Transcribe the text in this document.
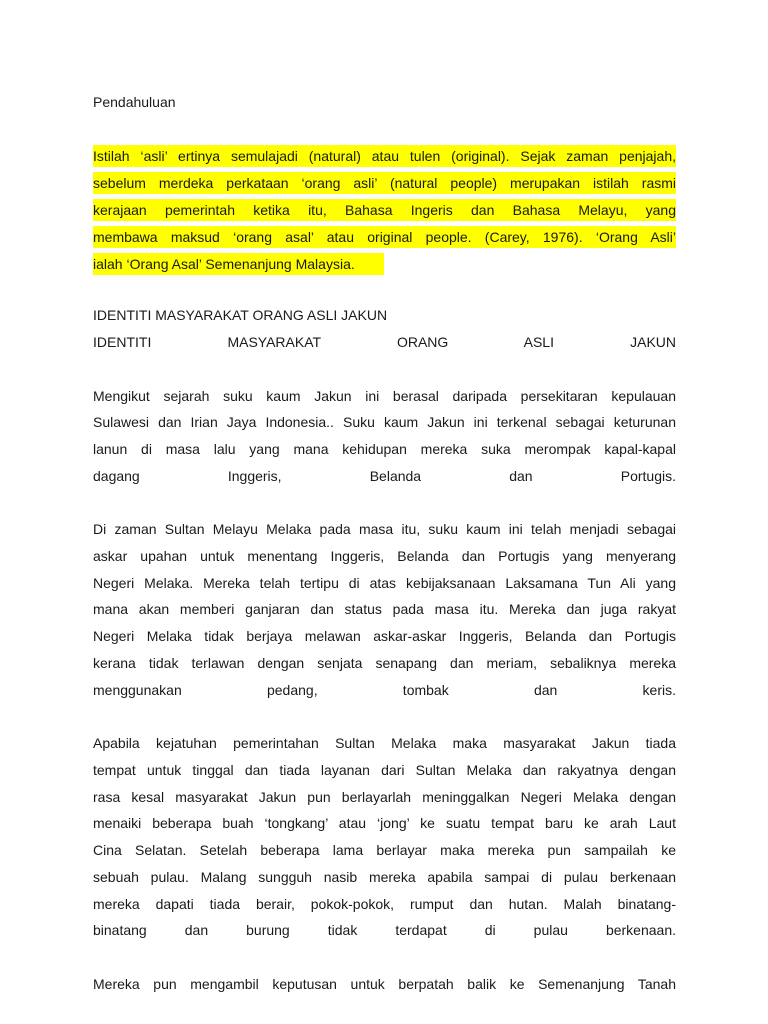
Pendahuluan
Istilah ‘asli’ ertinya semulajadi (natural) atau tulen (original). Sejak zaman penjajah,
sebelum merdeka perkataan ‘orang asli’ (natural people) merupakan istilah rasmi
kerajaan pemerintah ketika itu, Bahasa Ingeris dan Bahasa Melayu, yang
membawa maksud ‘orang asal’ atau original people. (Carey, 1976). ‘Orang Asli’
ialah ‘Orang Asal’ Semenanjung Malaysia.
IDENTITI MASYARAKAT ORANG ASLI JAKUN
IDENTITI MASYARAKAT ORANG ASLI JAKUN
Mengikut sejarah suku kaum Jakun ini berasal daripada persekitaran kepulauan
Sulawesi dan Irian Jaya Indonesia.. Suku kaum Jakun ini terkenal sebagai keturunan
lanun di masa lalu yang mana kehidupan mereka suka merompak kapal-kapal
dagang Inggeris, Belanda dan Portugis.
Di zaman Sultan Melayu Melaka pada masa itu, suku kaum ini telah menjadi sebagai
askar upahan untuk menentang Inggeris, Belanda dan Portugis yang menyerang
Negeri Melaka. Mereka telah tertipu di atas kebijaksanaan Laksamana Tun Ali yang
mana akan memberi ganjaran dan status pada masa itu. Mereka dan juga rakyat
Negeri Melaka tidak berjaya melawan askar-askar Inggeris, Belanda dan Portugis
kerana tidak terlawan dengan senjata senapang dan meriam, sebaliknya mereka
menggunakan pedang, tombak dan keris.
Apabila kejatuhan pemerintahan Sultan Melaka maka masyarakat Jakun tiada
tempat untuk tinggal dan tiada layanan dari Sultan Melaka dan rakyatnya dengan
rasa kesal masyarakat Jakun pun berlayarlah meninggalkan Negeri Melaka dengan
menaiki beberapa buah ‘tongkang’ atau ‘jong’ ke suatu tempat baru ke arah Laut
Cina Selatan. Setelah beberapa lama berlayar maka mereka pun sampailah ke
sebuah pulau. Malang sungguh nasib mereka apabila sampai di pulau berkenaan
mereka dapati tiada berair, pokok-pokok, rumput dan hutan. Malah binatang-
binatang dan burung tidak terdapat di pulau berkenaan.
Mereka pun mengambil keputusan untuk berpatah balik ke Semenanjung Tanah
